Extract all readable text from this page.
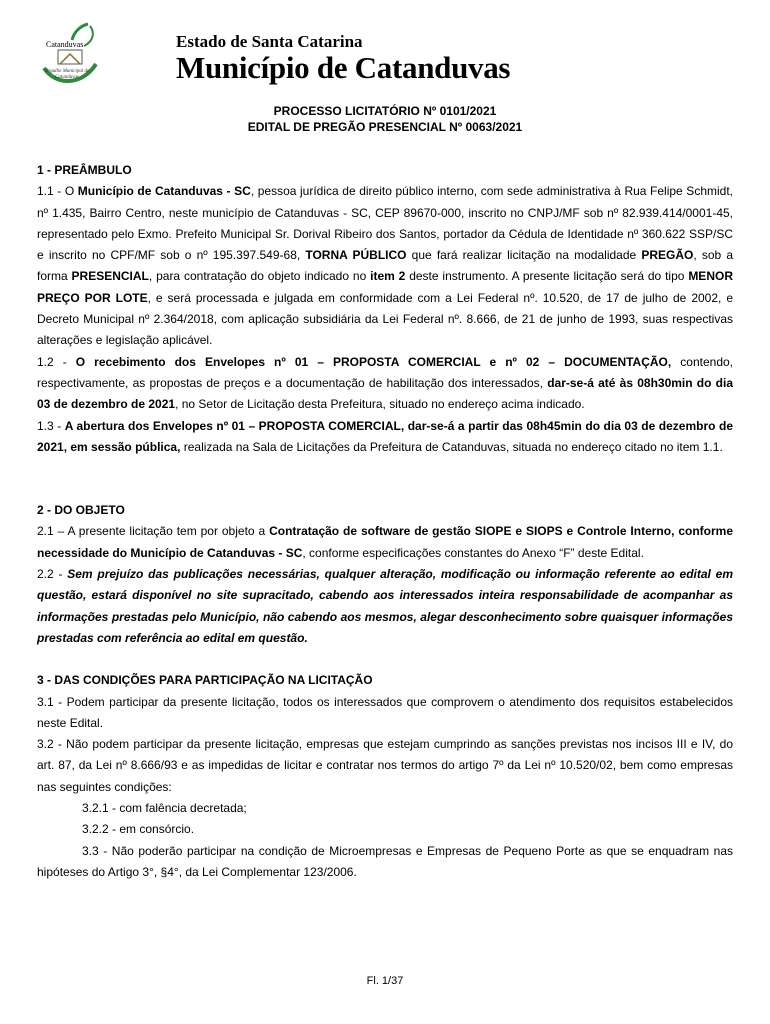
Catanduvas
Orgulho Municipal de Catanduvas
Estado de Santa Catarina
Município de Catanduvas
PROCESSO LICITATÓRIO Nº 0101/2021
EDITAL DE PREGÃO PRESENCIAL Nº 0063/2021

1 - PREÂMBULO

1.1 - O Município de Catanduvas - SC, pessoa jurídica de direito público interno, com sede administrativa à Rua Felipe Schmidt, nº 1.435, Bairro Centro, neste município de Catanduvas - SC, CEP 89670-000, inscrito no CNPJ/MF sob nº 82.939.414/0001-45, representado pelo Exmo. Prefeito Municipal Sr. Dorival Ribeiro dos Santos, portador da Cédula de Identidade nº 360.622 SSP/SC e inscrito no CPF/MF sob o nº 195.397.549-68, TORNA PÚBLICO que fará realizar licitação na modalidade PREGÃO, sob a forma PRESENCIAL, para contratação do objeto indicado no item 2 deste instrumento. A presente licitação será do tipo MENOR PREÇO POR LOTE, e será processada e julgada em conformidade com a Lei Federal nº. 10.520, de 17 de julho de 2002, e Decreto Municipal nº 2.364/2018, com aplicação subsidiária da Lei Federal nº. 8.666, de 21 de junho de 1993, suas respectivas alterações e legislação aplicável.

1.2 - O recebimento dos Envelopes nº 01 – PROPOSTA COMERCIAL e nº 02 – DOCUMENTAÇÃO, contendo, respectivamente, as propostas de preços e a documentação de habilitação dos interessados, dar-se-á até às 08h30min do dia 03 de dezembro de 2021, no Setor de Licitação desta Prefeitura, situado no endereço acima indicado.

1.3 - A abertura dos Envelopes nº 01 – PROPOSTA COMERCIAL, dar-se-á a partir das 08h45min do dia 03 de dezembro de 2021, em sessão pública, realizada na Sala de Licitações da Prefeitura de Catanduvas, situada no endereço citado no item 1.1.

2 - DO OBJETO

2.1 – A presente licitação tem por objeto a Contratação de software de gestão SIOPE e SIOPS e Controle Interno, conforme necessidade do Município de Catanduvas - SC, conforme especificações constantes do Anexo “F” deste Edital.

2.2 - Sem prejuízo das publicações necessárias, qualquer alteração, modificação ou informação referente ao edital em questão, estará disponível no site supracitado, cabendo aos interessados inteira responsabilidade de acompanhar as informações prestadas pelo Município, não cabendo aos mesmos, alegar desconhecimento sobre quaisquer informações prestadas com referência ao edital em questão.

3 - DAS CONDIÇÕES PARA PARTICIPAÇÃO NA LICITAÇÃO

3.1 - Podem participar da presente licitação, todos os interessados que comprovem o atendimento dos requisitos estabelecidos neste Edital.

3.2 - Não podem participar da presente licitação, empresas que estejam cumprindo as sanções previstas nos incisos III e IV, do art. 87, da Lei nº 8.666/93 e as impedidas de licitar e contratar nos termos do artigo 7º da Lei nº 10.520/02, bem como empresas nas seguintes condições:

3.2.1 - com falência decretada;

3.2.2 - em consórcio.

3.3 - Não poderão participar na condição de Microempresas e Empresas de Pequeno Porte as que se enquadram nas hipóteses do Artigo 3°, §4°, da Lei Complementar 123/2006.

Fl. 1/37
